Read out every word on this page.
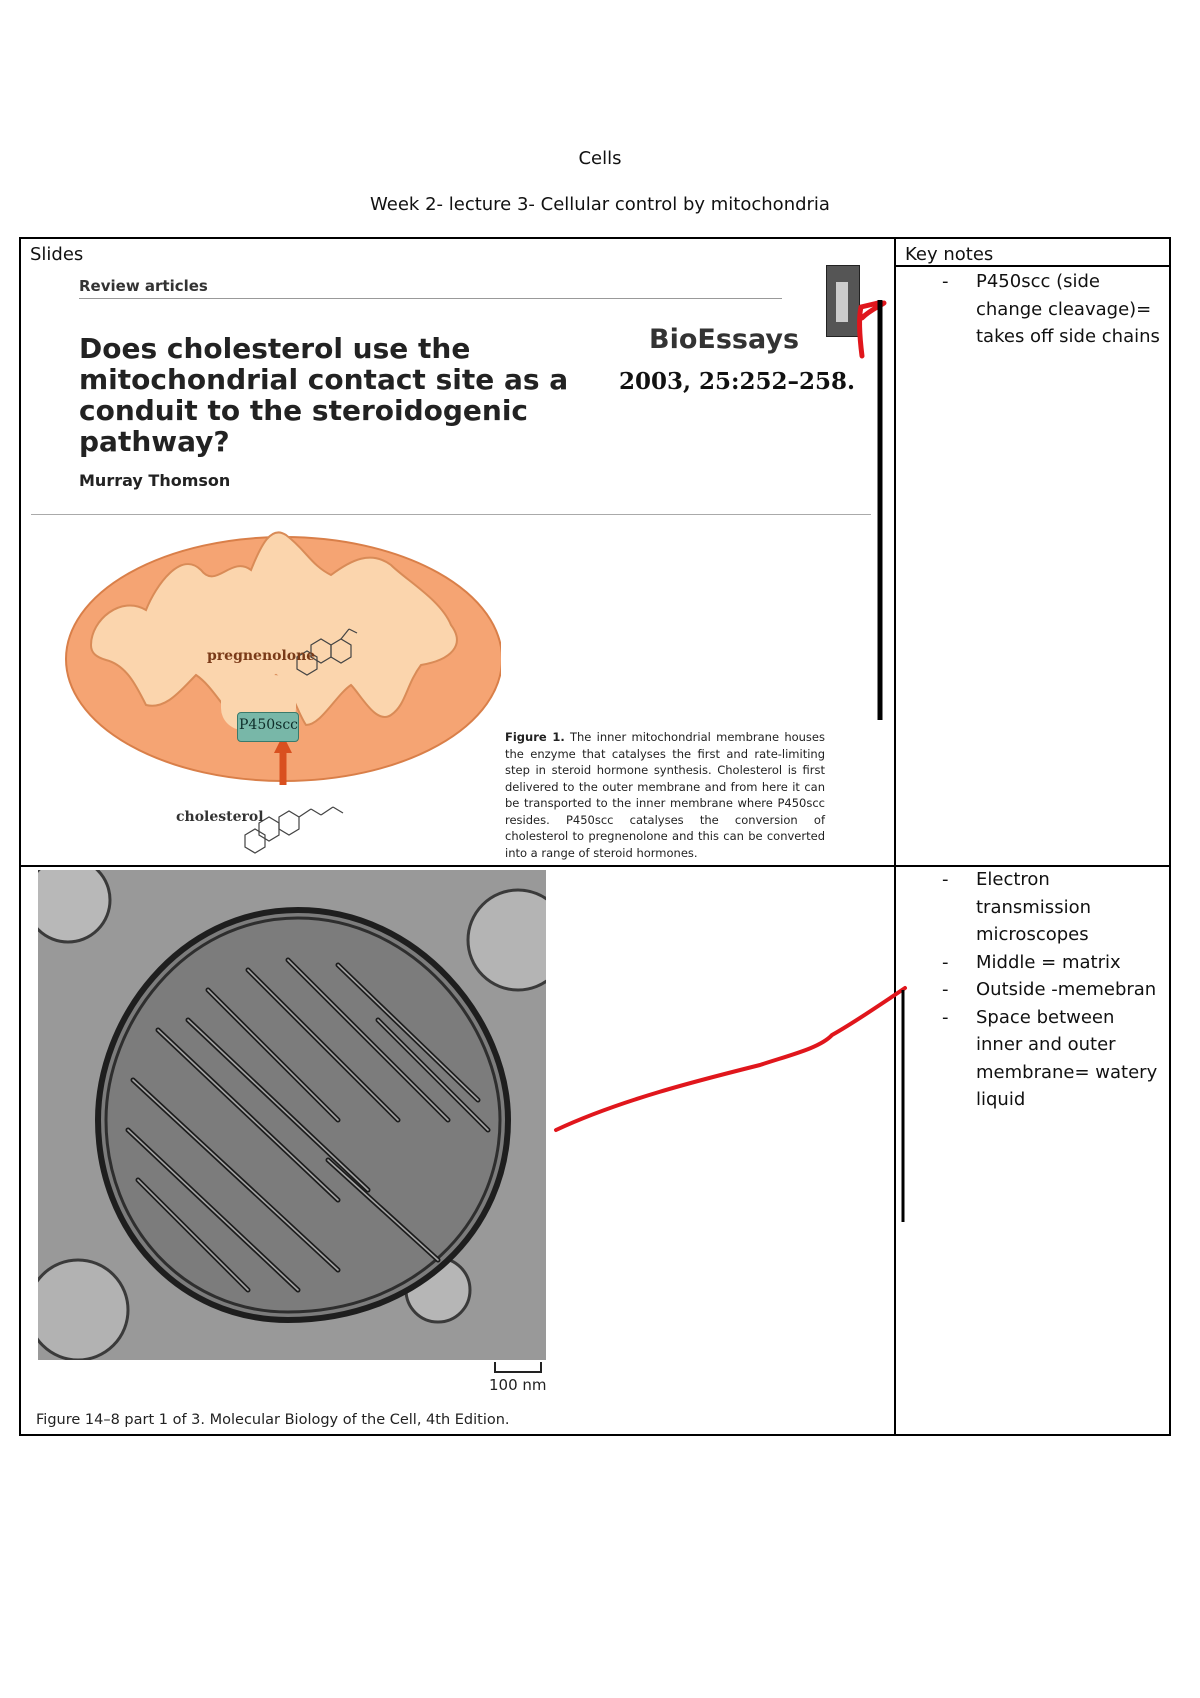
Cells
Week 2- lecture 3- Cellular control by mitochondria
Slides	Key notes
Review articles
Does cholesterol use the mitochondrial contact site as a conduit to the steroidogenic pathway?
Murray Thomson
BioEssays
2003, 25:252–258.
pregnenolone
P450scc
cholesterol
Figure 1. The inner mitochondrial membrane houses the enzyme that catalyses the first and rate-limiting step in steroid hormone synthesis. Cholesterol is first delivered to the outer membrane and from here it can be transported to the inner membrane where P450scc resides. P450scc catalyses the conversion of cholesterol to pregnenolone and this can be converted into a range of steroid hormones.
100 nm
Figure 14–8 part 1 of 3. Molecular Biology of the Cell, 4th Edition.
- P450scc (side change cleavage)= takes off side chains
- Electron transmission microscopes
- Middle = matrix
- Outside -memebran
- Space between inner and outer membrane= watery liquid
